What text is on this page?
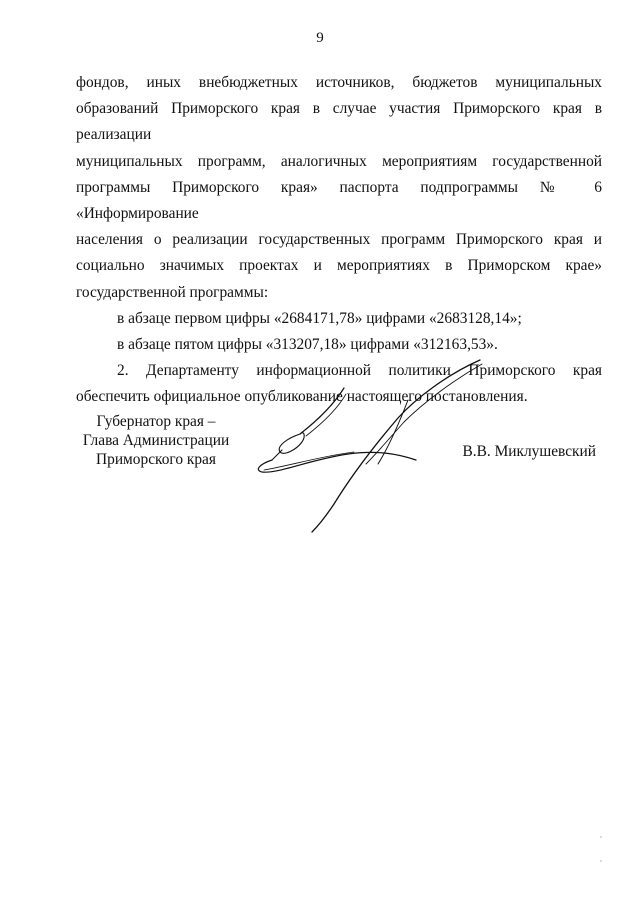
9

фондов, иных внебюджетных источников, бюджетов муниципальных

образований Приморского края в случае участия Приморского края в реализации

муниципальных программ, аналогичных мероприятиям государственной

программы Приморского края» паспорта подпрограммы № 6 «Информирование

населения о реализации государственных программ Приморского края и

социально значимых проектах и мероприятиях в Приморском крае»

государственной программы:

в абзаце первом цифры «2684171,78» цифрами «2683128,14»;

в абзаце пятом цифры «313207,18» цифрами «312163,53».

2. Департаменту информационной политики Приморского края

обеспечить официальное опубликование настоящего постановления.

Губернатор края –
Глава Администрации
Приморского края	В.В. Миклушевский
